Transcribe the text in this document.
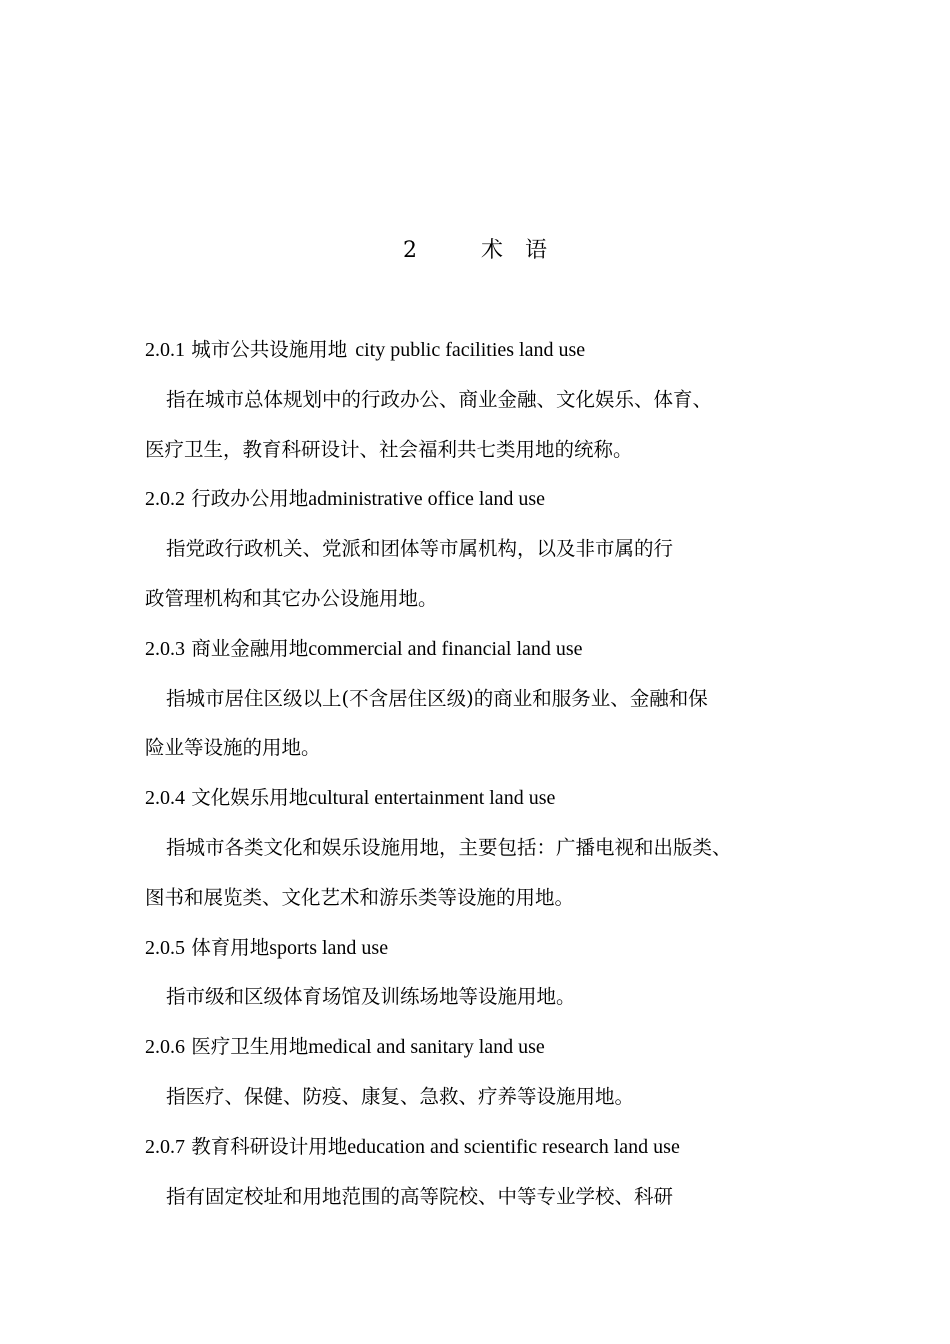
2	术语
2.0.1 城市公共设施用地 city public facilities land use
指在城市总体规划中的行政办公、商业金融、文化娱乐、体育、
医疗卫生，教育科研设计、社会福利共七类用地的统称。
2.0.2 行政办公用地administrative office land use
指党政行政机关、党派和团体等市属机构，以及非市属的行
政管理机构和其它办公设施用地。
2.0.3 商业金融用地commercial and financial land use
指城市居住区级以上(不含居住区级)的商业和服务业、金融和保
险业等设施的用地。
2.0.4 文化娱乐用地cultural entertainment land use
指城市各类文化和娱乐设施用地，主要包括：广播电视和出版类、
图书和展览类、文化艺术和游乐类等设施的用地。
2.0.5 体育用地sports land use
指市级和区级体育场馆及训练场地等设施用地。
2.0.6 医疗卫生用地medical and sanitary land use
指医疗、保健、防疫、康复、急救、疗养等设施用地。
2.0.7 教育科研设计用地education and scientific research land use
指有固定校址和用地范围的高等院校、中等专业学校、科研
